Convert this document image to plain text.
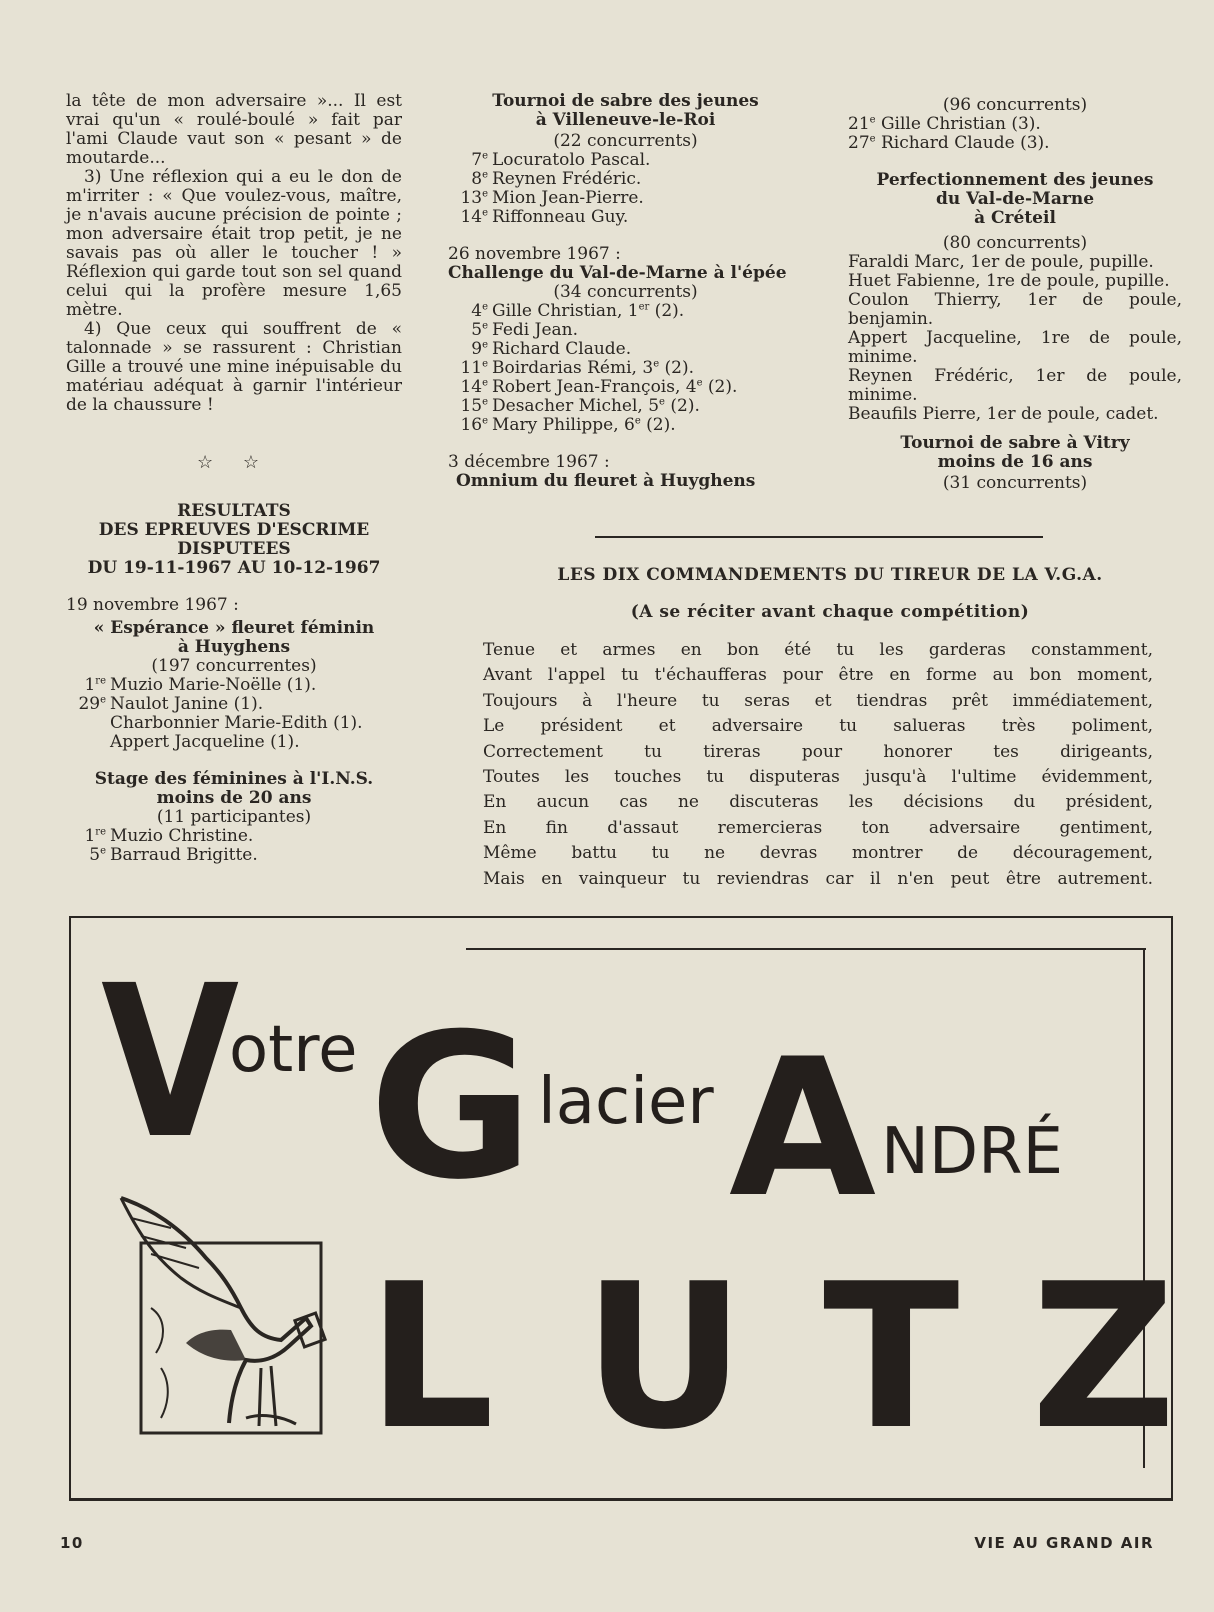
la tête de mon adversaire »... Il est vrai qu'un « roulé-boulé » fait par l'ami Claude vaut son « pesant » de moutarde...

3) Une réflexion qui a eu le don de m'irriter : « Que voulez-vous, maître, je n'avais aucune précision de pointe ; mon adversaire était trop petit, je ne savais pas où aller le toucher ! » Réflexion qui garde tout son sel quand celui qui la profère mesure 1,65 mètre.

4) Que ceux qui souffrent de « talonnade » se rassurent : Christian Gille a trouvé une mine inépuisable du matériau adéquat à garnir l'intérieur de la chaussure !

☆ ☆
RESULTATS
DES EPREUVES D'ESCRIME
DISPUTEES
DU 19-11-1967 AU 10-12-1967
19 novembre 1967 :
« Espérance » fleuret féminin
à Huyghens
(197 concurrentes)
1re Muzio Marie-Noëlle (1).
29e Naulot Janine (1).
Charbonnier Marie-Edith (1).
Appert Jacqueline (1).
Stage des féminines à l'I.N.S.
moins de 20 ans
(11 participantes)
1re Muzio Christine.
5e Barraud Brigitte.
Tournoi de sabre des jeunes
à Villeneuve-le-Roi
(22 concurrents)
7e Locuratolo Pascal.
8e Reynen Frédéric.
13e Mion Jean-Pierre.
14e Riffonneau Guy.
26 novembre 1967 :
Challenge du Val-de-Marne à l'épée
(34 concurrents)
4e Gille Christian, 1er (2).
5e Fedi Jean.
9e Richard Claude.
11e Boirdarias Rémi, 3e (2).
14e Robert Jean-François, 4e (2).
15e Desacher Michel, 5e (2).
16e Mary Philippe, 6e (2).
3 décembre 1967 :
Omnium du fleuret à Huyghens
(96 concurrents)
21e Gille Christian (3).
27e Richard Claude (3).
Perfectionnement des jeunes
du Val-de-Marne
à Créteil
(80 concurrents)

Faraldi Marc, 1er de poule, pupille.

Huet Fabienne, 1re de poule, pupille.

Coulon Thierry, 1er de poule, benjamin.

Appert Jacqueline, 1re de poule, minime.

Reynen Frédéric, 1er de poule, minime.

Beaufils Pierre, 1er de poule, cadet.

Tournoi de sabre à Vitry
moins de 16 ans
(31 concurrents)
LES DIX COMMANDEMENTS DU TIREUR DE LA V.G.A.
(A se réciter avant chaque compétition)
Tenue et armes en bon été tu les garderas constamment,
Avant l'appel tu t'échaufferas pour être en forme au bon moment,
Toujours à l'heure tu seras et tiendras prêt immédiatement,
Le président et adversaire tu salueras très poliment,
Correctement tu tireras pour honorer tes dirigeants,
Toutes les touches tu disputeras jusqu'à l'ultime évidemment,
En aucun cas ne discuteras les décisions du président,
En fin d'assaut remercieras ton adversaire gentiment,
Même battu tu ne devras montrer de découragement,
Mais en vainqueur tu reviendras car il n'en peut être autrement.
V
otre G lacier A NDRÉ
L U T Z
10	VIE AU GRAND AIR
